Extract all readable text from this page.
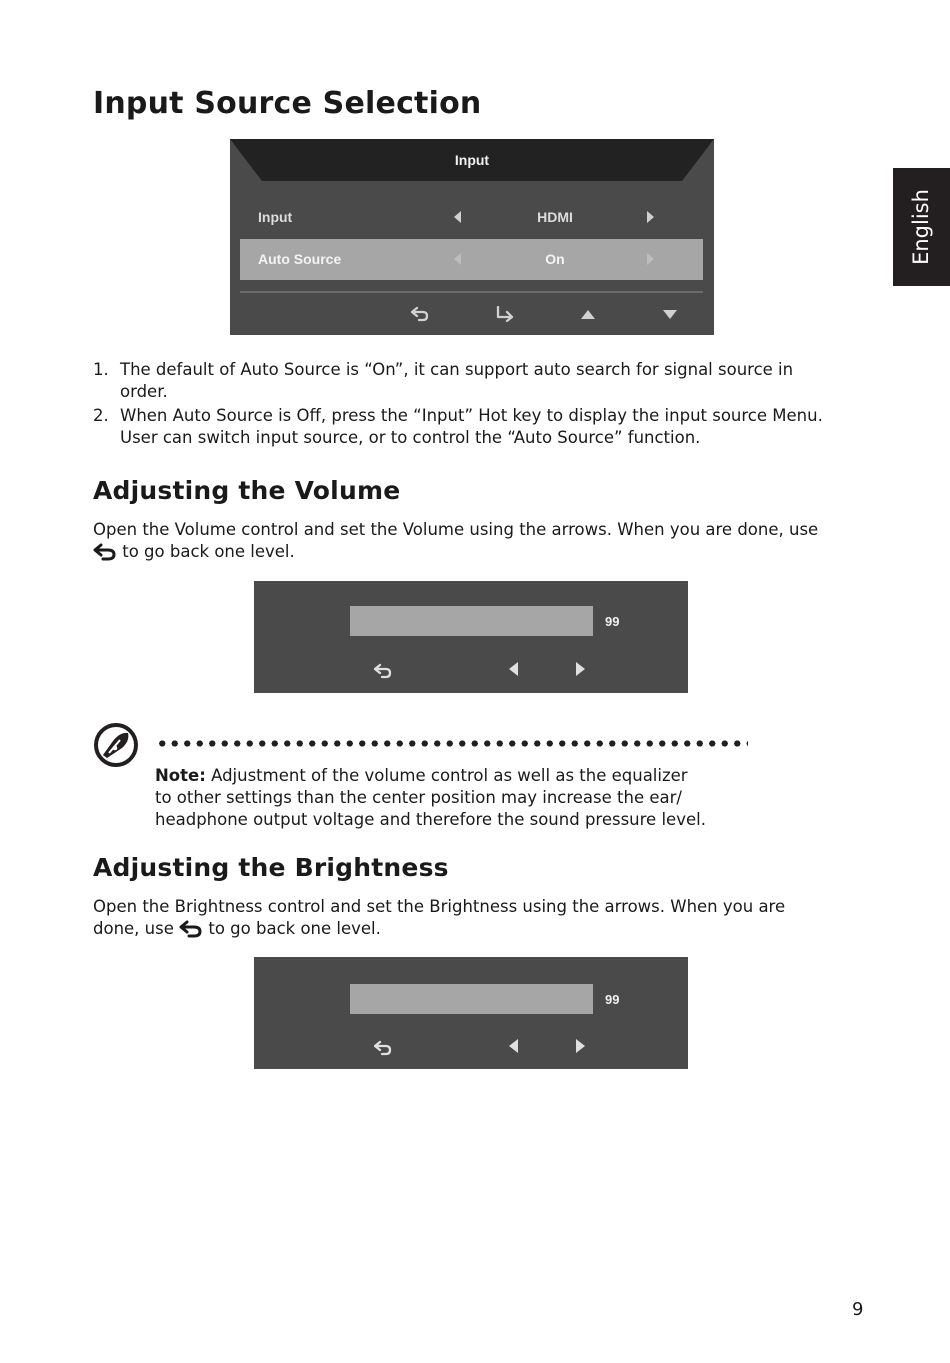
English
Input Source Selection
Input
Input	HDMI
Auto Source	On
1. The default of Auto Source is “On”, it can support auto search for signal source in
order.
2. When Auto Source is Off, press the “Input” Hot key to display the input source Menu.
User can switch input source, or to control the “Auto Source” function.
Adjusting the Volume
Open the Volume control and set the Volume using the arrows. When you are done, use
to go back one level.
99
Note: Adjustment of the volume control as well as the equalizer
to other settings than the center position may increase the ear/
headphone output voltage and therefore the sound pressure level.
Adjusting the Brightness
Open the Brightness control and set the Brightness using the arrows. When you are
done, use  to go back one level.
99
9
